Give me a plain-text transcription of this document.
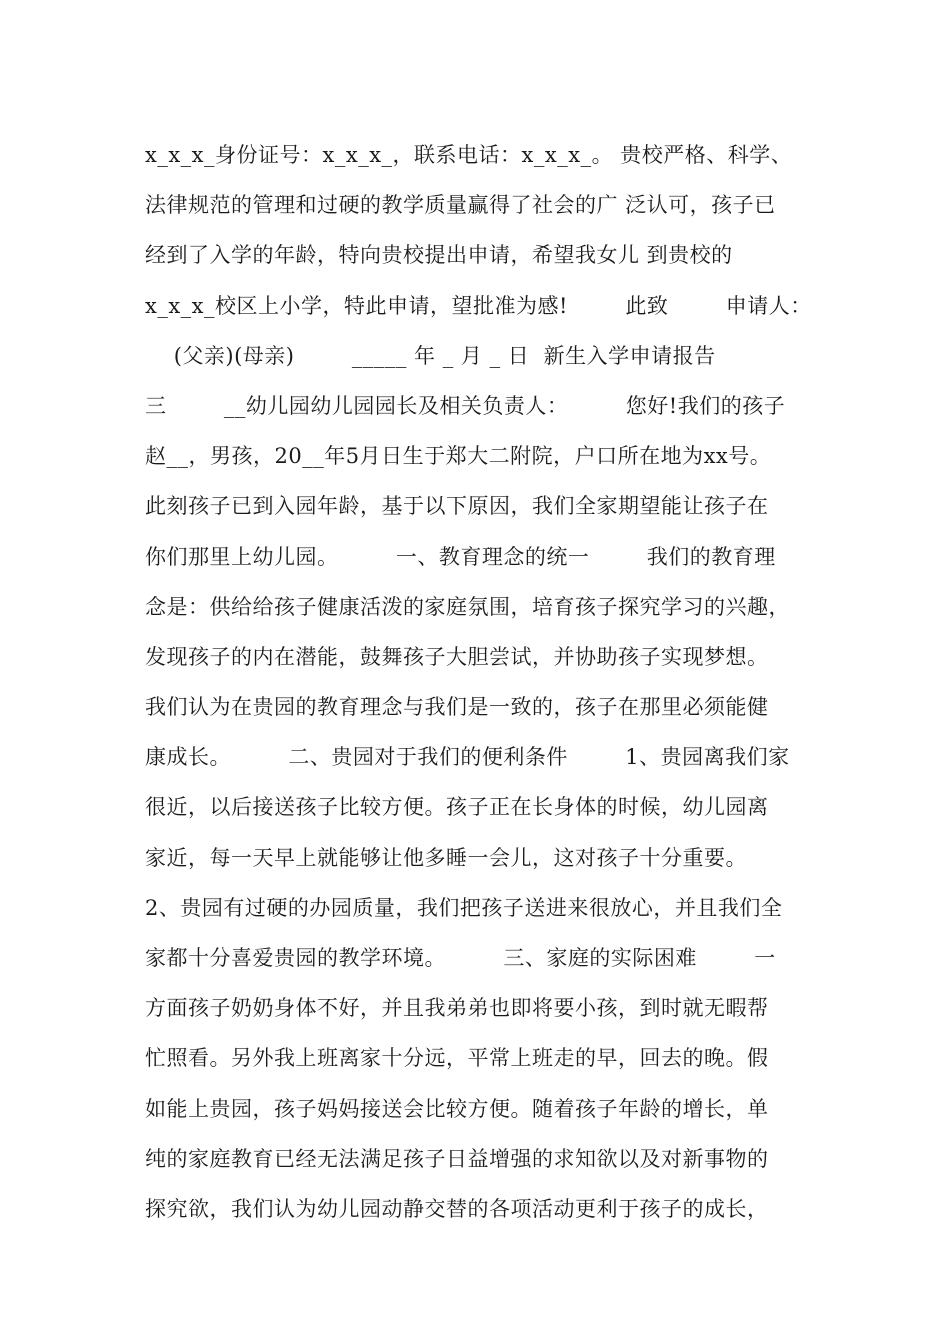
x_x_x_身份证号：x_x_x_，联系电话：x_x_x_。 贵校严格、科学、
法律规范的管理和过硬的教学质量赢得了社会的广 泛认可，孩子已
经到了入学的年龄，特向贵校提出申请，希望我女儿 到贵校的
x_x_x_校区上小学，特此申请，望批准为感!        此致        申请人：
(父亲)(母亲)        _____ 年 _ 月 _ 日  新生入学申请报告
三        __幼儿园幼儿园园长及相关负责人：        您好!我们的孩子
赵__，男孩，20__年5月日生于郑大二附院，户口所在地为xx号。
此刻孩子已到入园年龄，基于以下原因，我们全家期望能让孩子在
你们那里上幼儿园。        一、教育理念的统一        我们的教育理
念是：供给给孩子健康活泼的家庭氛围，培育孩子探究学习的兴趣，
发现孩子的内在潜能，鼓舞孩子大胆尝试，并协助孩子实现梦想。
我们认为在贵园的教育理念与我们是一致的，孩子在那里必须能健
康成长。        二、贵园对于我们的便利条件        1、贵园离我们家
很近，以后接送孩子比较方便。孩子正在长身体的时候，幼儿园离
家近，每一天早上就能够让他多睡一会儿，这对孩子十分重要。
2、贵园有过硬的办园质量，我们把孩子送进来很放心，并且我们全
家都十分喜爱贵园的教学环境。        三、家庭的实际困难        一
方面孩子奶奶身体不好，并且我弟弟也即将要小孩，到时就无暇帮
忙照看。另外我上班离家十分远，平常上班走的早，回去的晚。假
如能上贵园，孩子妈妈接送会比较方便。随着孩子年龄的增长，单
纯的家庭教育已经无法满足孩子日益增强的求知欲以及对新事物的
探究欲，我们认为幼儿园动静交替的各项活动更利于孩子的成长，
